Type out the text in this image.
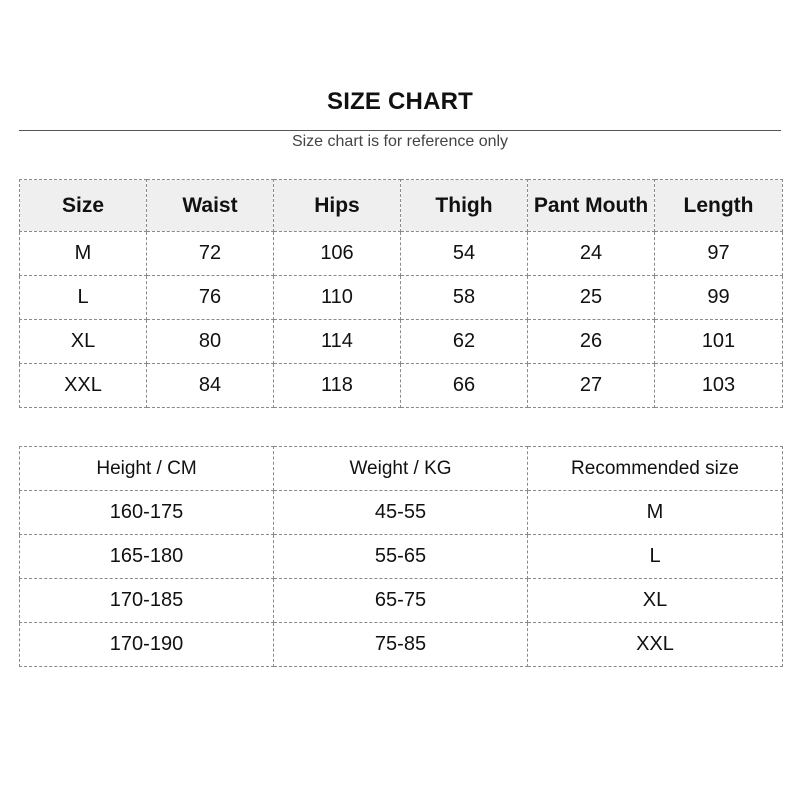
SIZE CHART
Size chart is for reference only
Size	Waist	Hips	Thigh	Pant Mouth	Length
M	72	106	54	24	97
L	76	110	58	25	99
XL	80	114	62	26	101
XXL	84	118	66	27	103
Height / CM	Weight / KG	Recommended size
160-175	45-55	M
165-180	55-65	L
170-185	65-75	XL
170-190	75-85	XXL
